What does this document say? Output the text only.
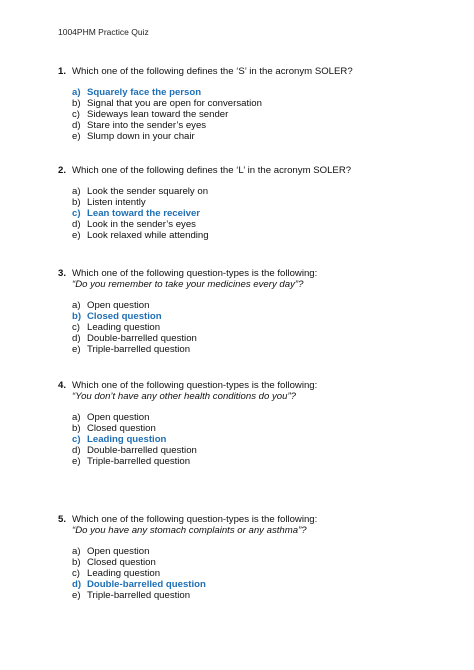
1004PHM Practice Quiz
1. Which one of the following defines the ‘S’ in the acronym SOLER?
a) Squarely face the person
b) Signal that you are open for conversation
c) Sideways lean toward the sender
d) Stare into the sender’s eyes
e) Slump down in your chair
2. Which one of the following defines the ‘L’ in the acronym SOLER?
a) Look the sender squarely on
b) Listen intently
c) Lean toward the receiver
d) Look in the sender’s eyes
e) Look relaxed while attending
3. Which one of the following question-types is the following:
“Do you remember to take your medicines every day”?
a) Open question
b) Closed question
c) Leading question
d) Double-barrelled question
e) Triple-barrelled question
4. Which one of the following question-types is the following:
“You don’t have any other health conditions do you”?
a) Open question
b) Closed question
c) Leading question
d) Double-barrelled question
e) Triple-barrelled question
5. Which one of the following question-types is the following:
“Do you have any stomach complaints or any asthma”?
a) Open question
b) Closed question
c) Leading question
d) Double-barrelled question
e) Triple-barrelled question
